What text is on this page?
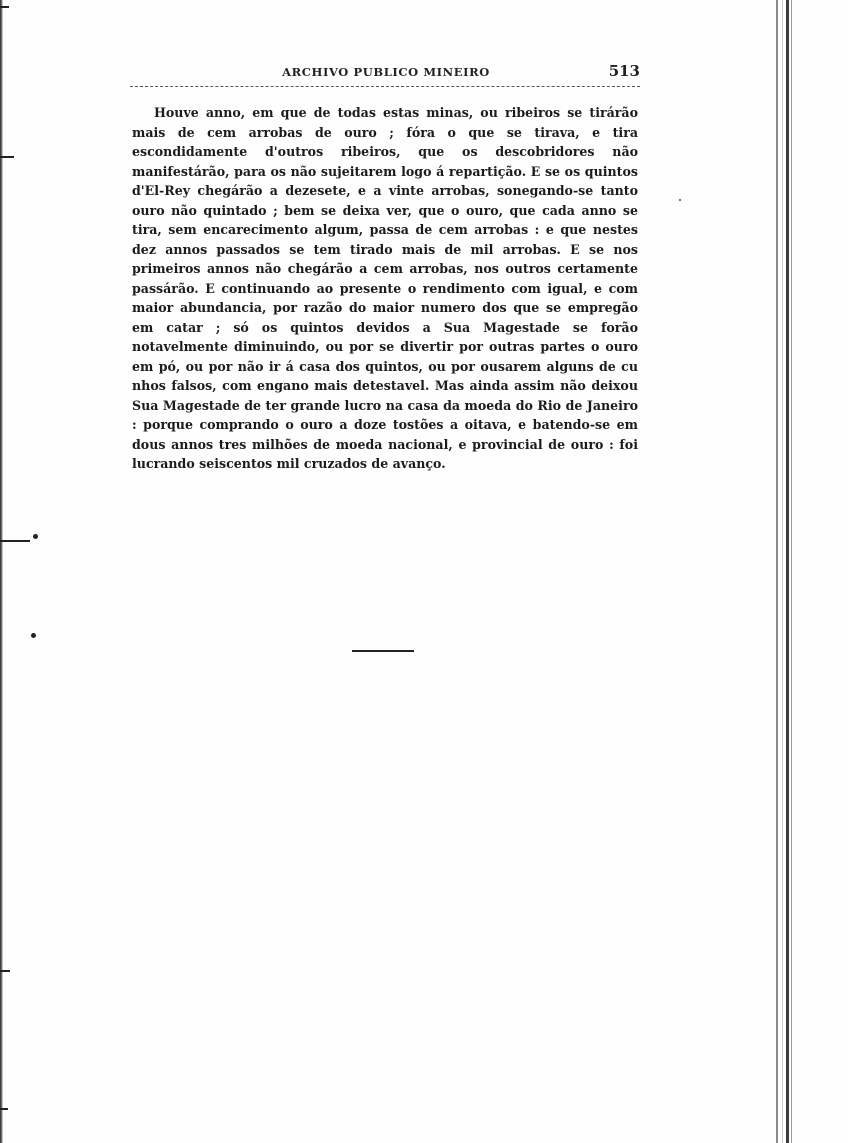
ARCHIVO PUBLICO MINEIRO	513

Houve anno, em que de todas estas minas, ou ribeiros se tirárão mais de cem arrobas de ouro ; fóra o que se tirava, e tira escondidamente d'outros ribeiros, que os descobridores não manifestárão, para os não sujeitarem logo á repartição. E se os quintos d'El-Rey chegárão a dezesete, e a vinte arrobas, sonegando-se tanto ouro não quintado ; bem se deixa ver, que o ouro, que cada anno se tira, sem encarecimento algum, passa de cem arrobas : e que nestes dez annos passados se tem tirado mais de mil arrobas. E se nos primeiros annos não chegárão a cem arrobas, nos outros certamente passárão. E continuando ao presente o rendimento com igual, e com maior abundancia, por razão do maior numero dos que se empregão em catar ; só os quintos devidos a Sua Magestade se forão notavelmente diminuindo, ou por se divertir por outras partes o ouro em pó, ou por não ir á casa dos quintos, ou por ousarem alguns de cu nhos falsos, com engano mais detestavel. Mas ainda assim não deixou Sua Magestade de ter grande lucro na casa da moeda do Rio de Janeiro : porque comprando o ouro a doze tostões a oitava, e batendo-se em dous annos tres milhões de moeda nacional, e provincial de ouro : foi lucrando seiscentos mil cruzados de avanço.
